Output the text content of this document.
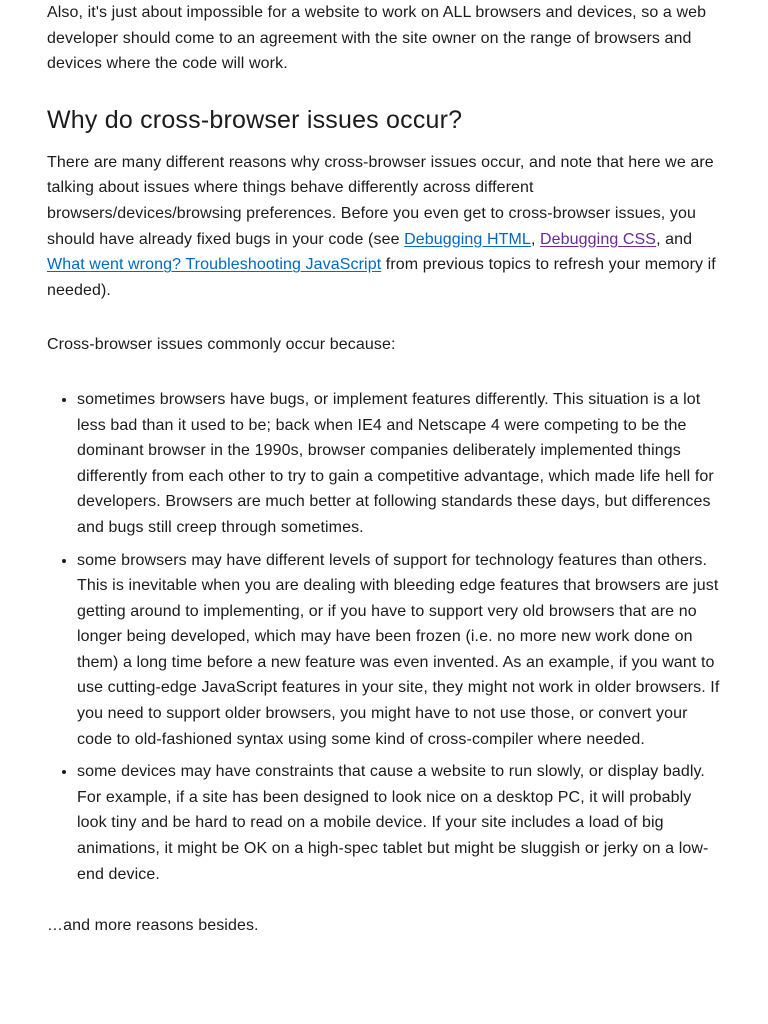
Also, it's just about impossible for a website to work on ALL browsers and devices, so a web developer should come to an agreement with the site owner on the range of browsers and devices where the code will work.

Why do cross-browser issues occur?

There are many different reasons why cross-browser issues occur, and note that here we are talking about issues where things behave differently across different browsers/devices/browsing preferences. Before you even get to cross-browser issues, you should have already fixed bugs in your code (see Debugging HTML, Debugging CSS, and What went wrong? Troubleshooting JavaScript from previous topics to refresh your memory if needed).

Cross-browser issues commonly occur because:

• sometimes browsers have bugs, or implement features differently. This situation is a lot less bad than it used to be; back when IE4 and Netscape 4 were competing to be the dominant browser in the 1990s, browser companies deliberately implemented things differently from each other to try to gain a competitive advantage, which made life hell for developers. Browsers are much better at following standards these days, but differences and bugs still creep through sometimes.
• some browsers may have different levels of support for technology features than others. This is inevitable when you are dealing with bleeding edge features that browsers are just getting around to implementing, or if you have to support very old browsers that are no longer being developed, which may have been frozen (i.e. no more new work done on them) a long time before a new feature was even invented. As an example, if you want to use cutting-edge JavaScript features in your site, they might not work in older browsers. If you need to support older browsers, you might have to not use those, or convert your code to old-fashioned syntax using some kind of cross-compiler where needed.
• some devices may have constraints that cause a website to run slowly, or display badly. For example, if a site has been designed to look nice on a desktop PC, it will probably look tiny and be hard to read on a mobile device. If your site includes a load of big animations, it might be OK on a high-spec tablet but might be sluggish or jerky on a low-end device.

…and more reasons besides.
